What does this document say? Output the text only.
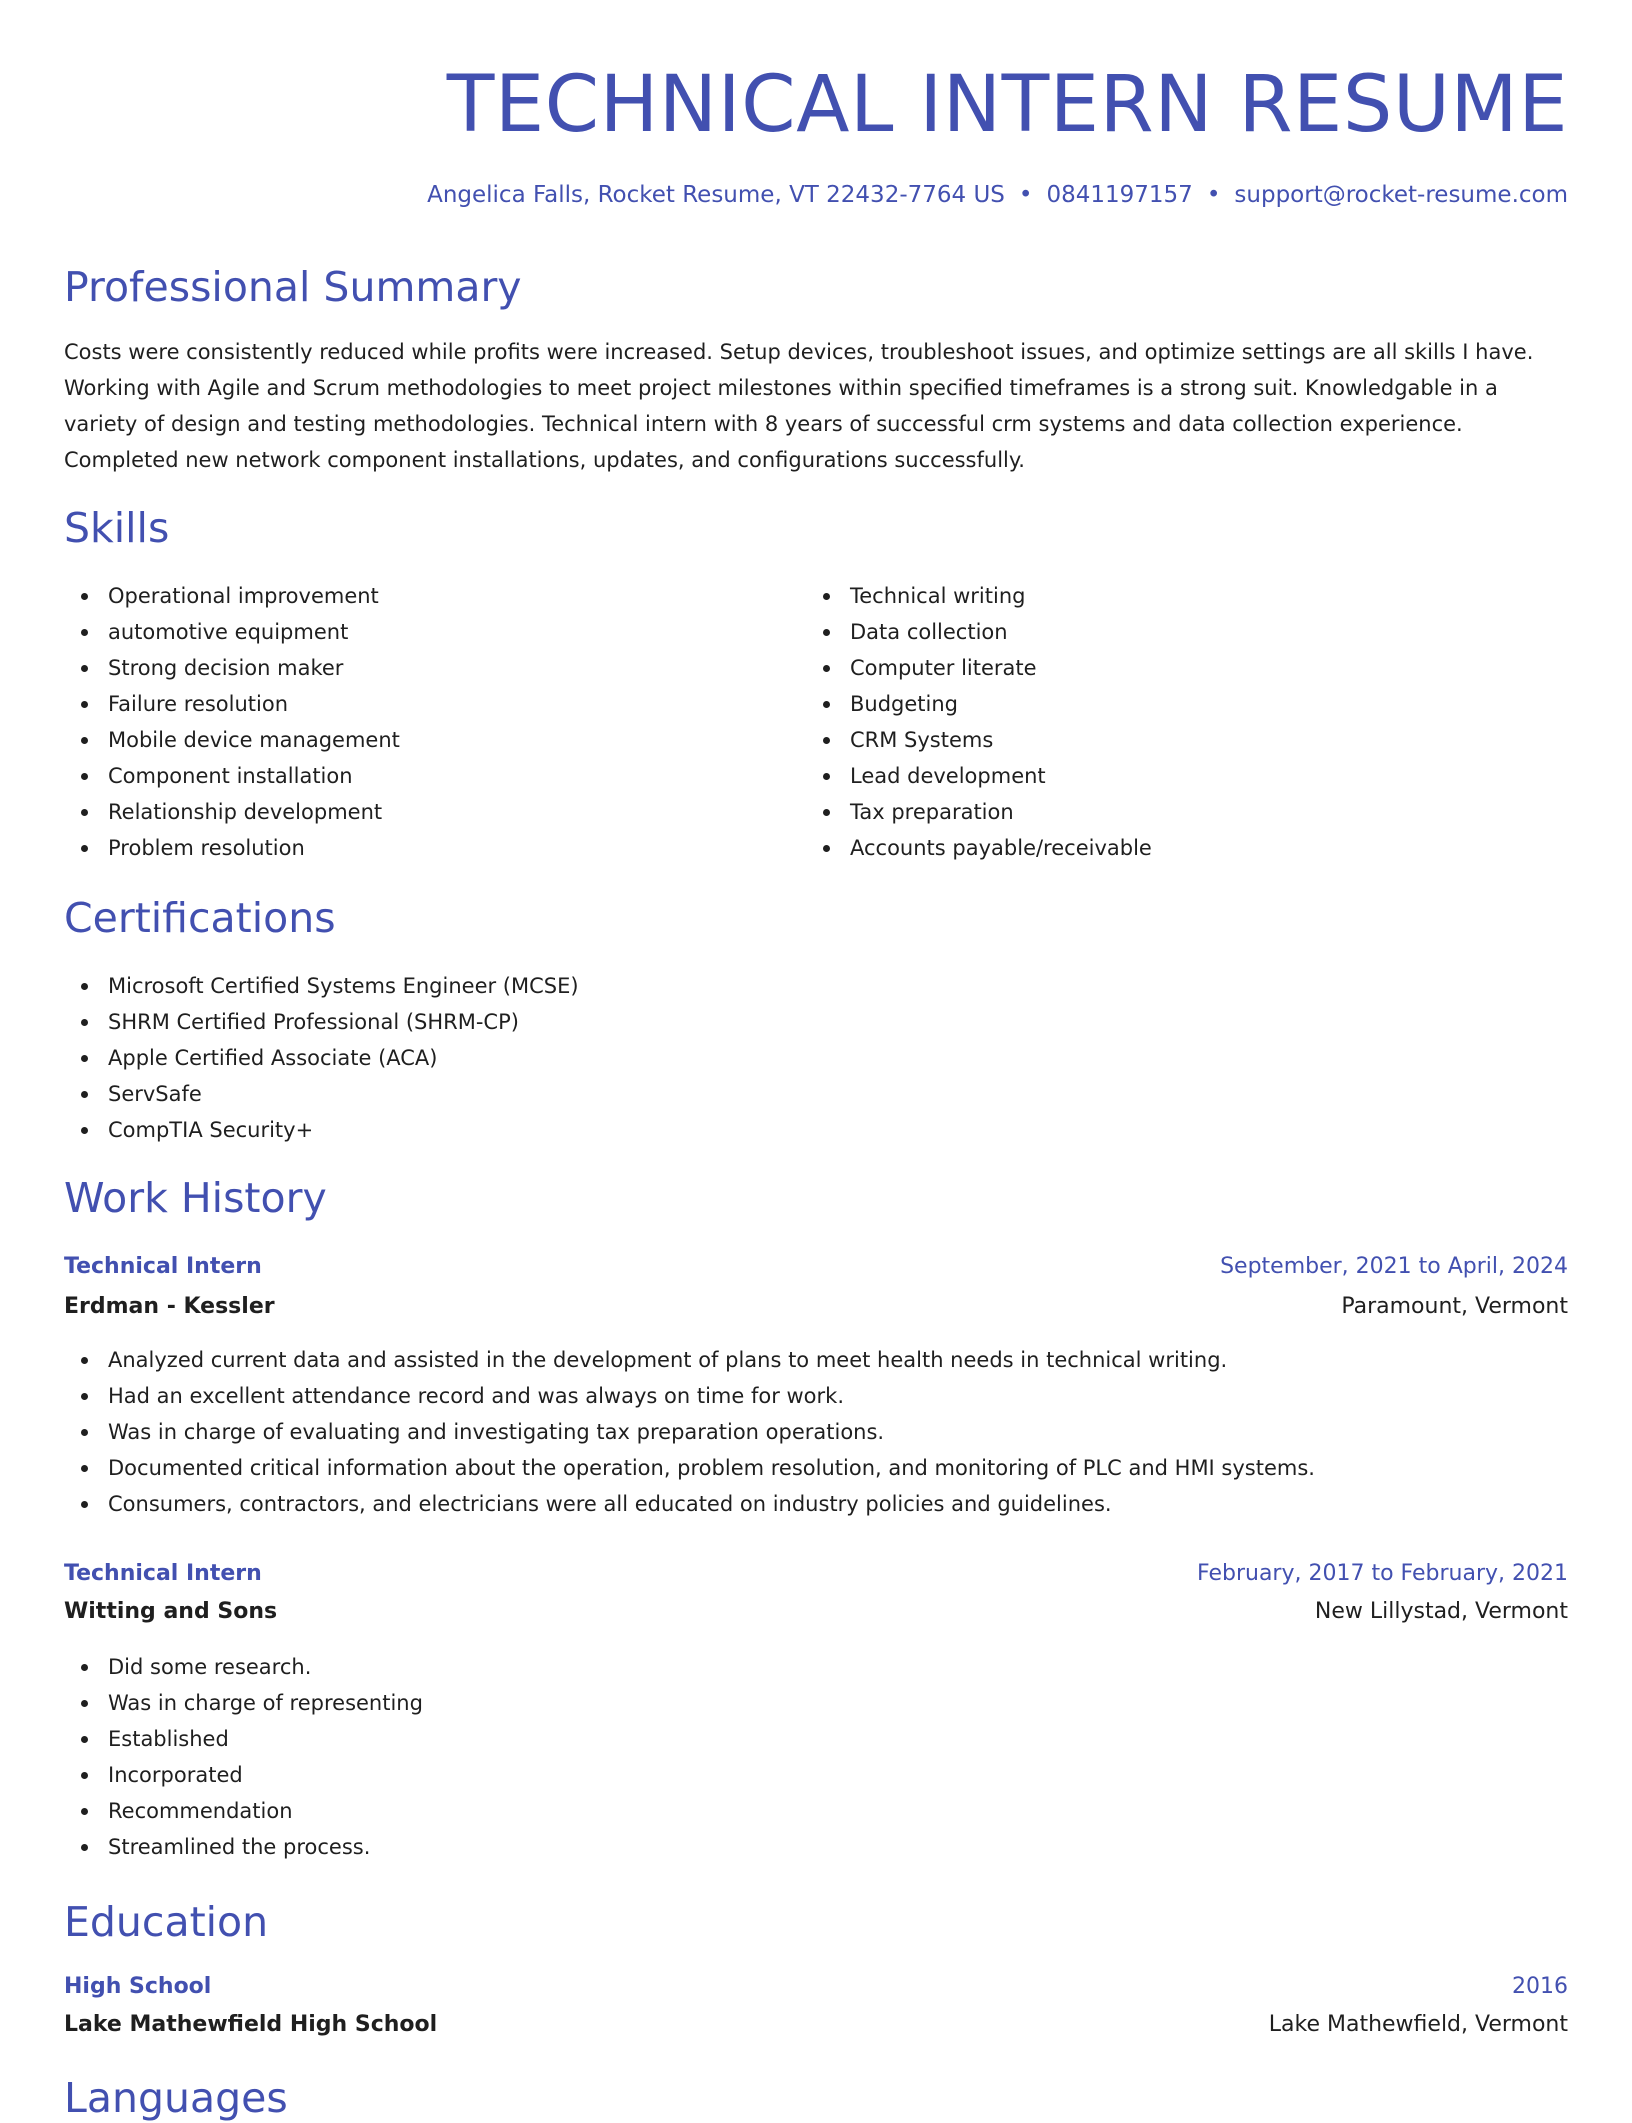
TECHNICAL INTERN RESUME
Angelica Falls, Rocket Resume, VT 22432-7764 US • 0841197157 • support@rocket-resume.com
Professional Summary

Costs were consistently reduced while profits were increased. Setup devices, troubleshoot issues, and optimize settings are all skills I have. Working with Agile and Scrum methodologies to meet project milestones within specified timeframes is a strong suit. Knowledgable in a variety of design and testing methodologies. Technical intern with 8 years of successful crm systems and data collection experience. Completed new network component installations, updates, and configurations successfully.

Skills
Operational improvement
automotive equipment
Strong decision maker
Failure resolution
Mobile device management
Component installation
Relationship development
Problem resolution
Technical writing
Data collection
Computer literate
Budgeting
CRM Systems
Lead development
Tax preparation
Accounts payable/receivable
Certifications
Microsoft Certified Systems Engineer (MCSE)
SHRM Certified Professional (SHRM-CP)
Apple Certified Associate (ACA)
ServSafe
CompTIA Security+
Work History
Technical Intern	September, 2021 to April, 2024
Erdman - Kessler	Paramount, Vermont
Analyzed current data and assisted in the development of plans to meet health needs in technical writing.
Had an excellent attendance record and was always on time for work.
Was in charge of evaluating and investigating tax preparation operations.
Documented critical information about the operation, problem resolution, and monitoring of PLC and HMI systems.
Consumers, contractors, and electricians were all educated on industry policies and guidelines.
Technical Intern	February, 2017 to February, 2021
Witting and Sons	New Lillystad, Vermont
Did some research.
Was in charge of representing
Established
Incorporated
Recommendation
Streamlined the process.
Education
High School	2016
Lake Mathewfield High School	Lake Mathewfield, Vermont
Languages
